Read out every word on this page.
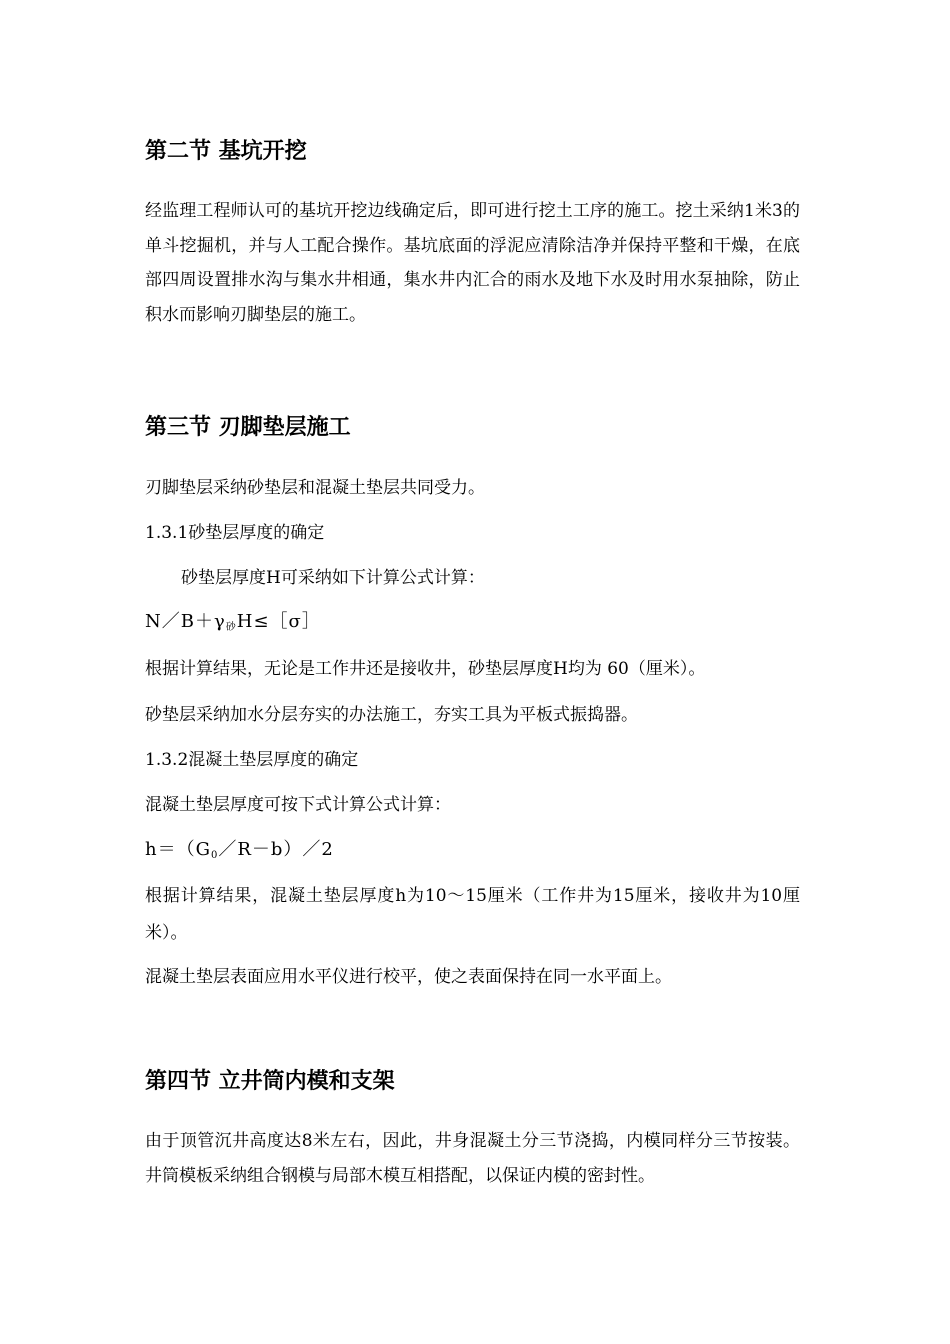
第二节 基坑开挖

经监理工程师认可的基坑开挖边线确定后，即可进行挖土工序的施工。挖土采纳1米3的单斗挖掘机，并与人工配合操作。基坑底面的浮泥应清除洁净并保持平整和干燥，在底部四周设置排水沟与集水井相通，集水井内汇合的雨水及地下水及时用水泵抽除，防止积水而影响刃脚垫层的施工。

第三节 刃脚垫层施工

刃脚垫层采纳砂垫层和混凝土垫层共同受力。

1.3.1砂垫层厚度的确定

砂垫层厚度H可采纳如下计算公式计算：

$N/B+\gamma_砂H\le[\sigma]$

根据计算结果，无论是工作井还是接收井，砂垫层厚度H均为 60（厘米）。

砂垫层采纳加水分层夯实的办法施工，夯实工具为平板式振捣器。

1.3.2混凝土垫层厚度的确定

混凝土垫层厚度可按下式计算公式计算：

$h=(G_0/R-b)/2$

根据计算结果，混凝土垫层厚度h为10～15厘米（工作井为15厘米，接收井为10厘米）。

混凝土垫层表面应用水平仪进行校平，使之表面保持在同一水平面上。

第四节 立井筒内模和支架

由于顶管沉井高度达8米左右，因此，井身混凝土分三节浇捣，内模同样分三节按装。井筒模板采纳组合钢模与局部木模互相搭配，以保证内模的密封性。
